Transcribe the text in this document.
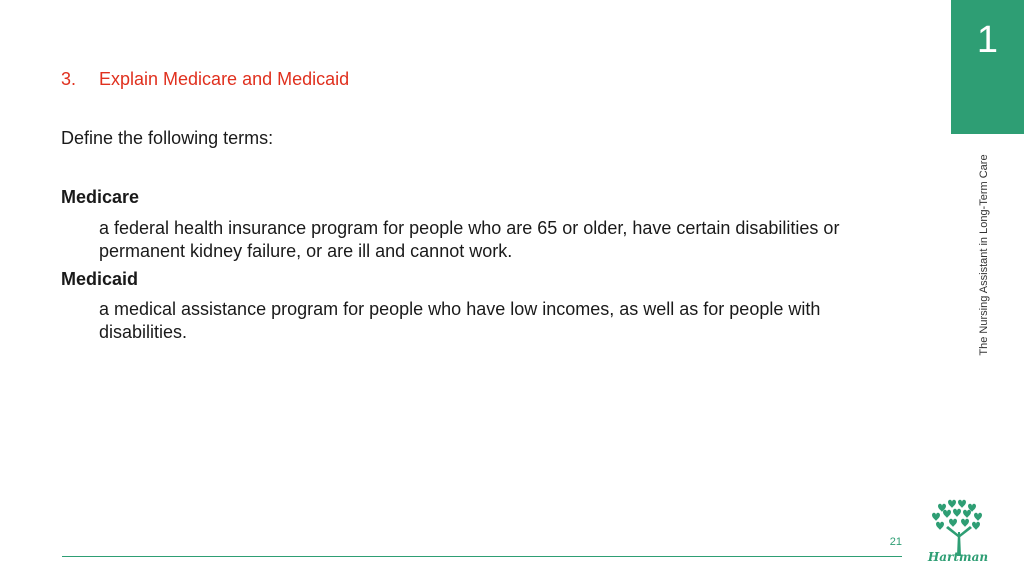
1
The Nursing Assistant in Long-Term Care
3. Explain Medicare and Medicaid
Define the following terms:
Medicare
a federal health insurance program for people who are 65 or older, have certain disabilities or permanent kidney failure, or are ill and cannot work.
Medicaid
a medical assistance program for people who have low incomes, as well as for people with disabilities.
21
Hartman
